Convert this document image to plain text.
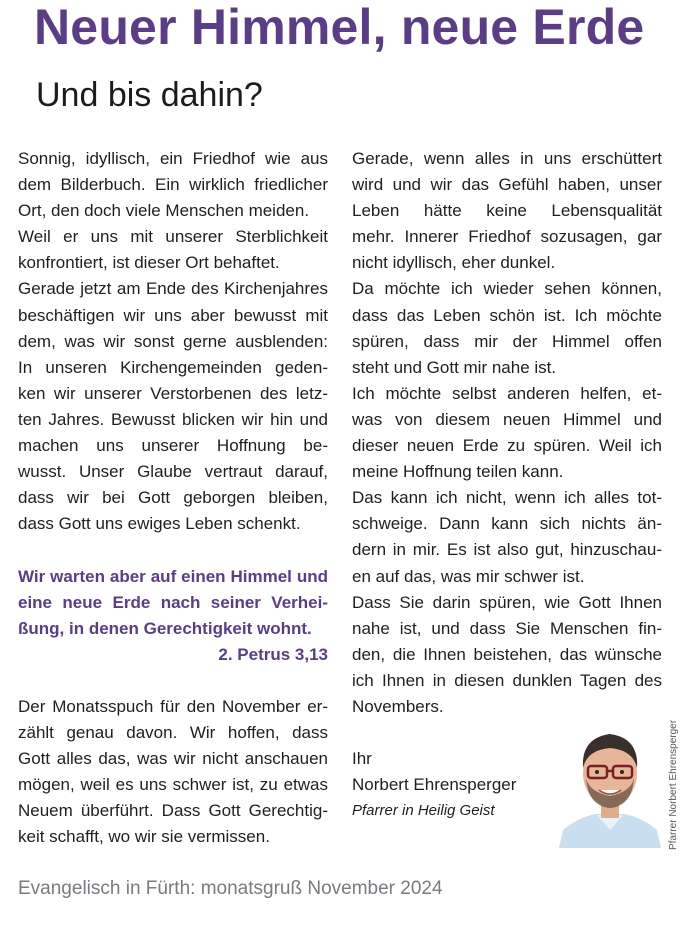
Neuer Himmel, neue Erde
Und bis dahin?
Sonnig, idyllisch, ein Friedhof wie aus
dem Bilderbuch. Ein wirklich friedlicher
Ort, den doch viele Menschen meiden.
Weil er uns mit unserer Sterblichkeit
konfrontiert, ist dieser Ort behaftet.
Gerade jetzt am Ende des Kirchenjahres
beschäftigen wir uns aber bewusst mit
dem, was wir sonst gerne ausblenden:
In unseren Kirchengemeinden geden-
ken wir unserer Verstorbenen des letz-
ten Jahres. Bewusst blicken wir hin und
machen uns unserer Hoffnung be-
wusst. Unser Glaube vertraut darauf,
dass wir bei Gott geborgen bleiben,
dass Gott uns ewiges Leben schenkt.
Wir warten aber auf einen Himmel und
eine neue Erde nach seiner Verhei-
ßung, in denen Gerechtigkeit wohnt.
2. Petrus 3,13
Der Monatsspuch für den November er-
zählt genau davon. Wir hoffen, dass
Gott alles das, was wir nicht anschauen
mögen, weil es uns schwer ist, zu etwas
Neuem überführt. Dass Gott Gerechtig-
keit schafft, wo wir sie vermissen.
Gerade, wenn alles in uns erschüttert
wird und wir das Gefühl haben, unser
Leben hätte keine Lebensqualität
mehr. Innerer Friedhof sozusagen, gar
nicht idyllisch, eher dunkel.
Da möchte ich wieder sehen können,
dass das Leben schön ist. Ich möchte
spüren, dass mir der Himmel offen
steht und Gott mir nahe ist.
Ich möchte selbst anderen helfen, et-
was von diesem neuen Himmel und
dieser neuen Erde zu spüren. Weil ich
meine Hoffnung teilen kann.
Das kann ich nicht, wenn ich alles tot-
schweige. Dann kann sich nichts än-
dern in mir. Es ist also gut, hinzuschau-
en auf das, was mir schwer ist.
Dass Sie darin spüren, wie Gott Ihnen
nahe ist, und dass Sie Menschen fin-
den, die Ihnen beistehen, das wünsche
ich Ihnen in diesen dunklen Tagen des
Novembers.
Ihr
Norbert Ehrensperger
Pfarrer in Heilig Geist	Pfarrer Norbert Ehrensperger
Evangelisch in Fürth: monatsgruß November 2024
